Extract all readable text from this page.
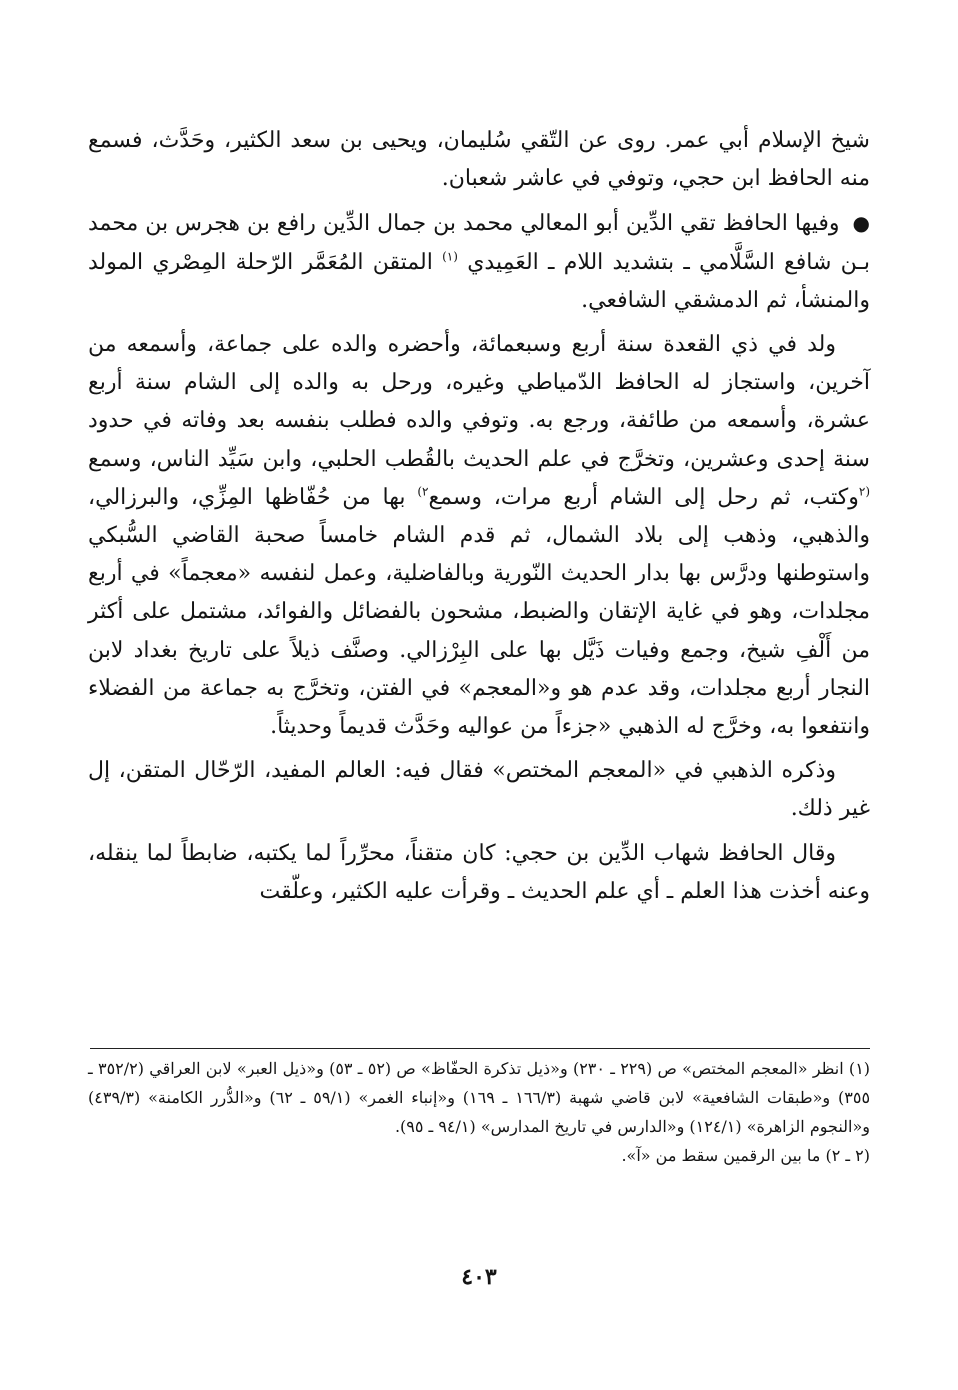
شيخ الإسلام أبي عمر. روى عن التّقي سُليمان، ويحيى بن سعد الكثير، وحَدَّث، فسمع منه الحافظ ابن حجي، وتوفي في عاشر شعبان.

● وفيها الحافظ تقي الدِّين أبو المعالي محمد بن جمال الدِّين رافع بن هجرس بن محمد بـن شافع السَّلَّامي ـ بتشديد اللام ـ العَمِيدي $^{(١)}$ المتقن المُعَمَّر الرّحلة المِصْري المولد والمنشأ، ثم الدمشقي الشافعي.

ولد في ذي القعدة سنة أربع وسبعمائة، وأحضره والده على جماعة، وأسمعه من آخرين، واستجاز له الحافظ الدّمياطي وغيره، ورحل به والده إلى الشام سنة أربع عشرة، وأسمعه من طائفة، ورجع به. وتوفي والده فطلب بنفسه بعد وفاته في حدود سنة إحدى وعشرين، وتخرَّج في علم الحديث بالقُطب الحلبي، وابن سَيِّد الناس، وسمع $^{(٢}$وكتب، ثم رحل إلى الشام أربع مرات، وسمع$^{٢)}$ بها من حُفّاظها المِزِّي، والبرزالي، والذهبي، وذهب إلى بلاد الشمال، ثم قدم الشام خامساً صحبة القاضي السُّبكي واستوطنها ودرَّس بها بدار الحديث النّورية وبالفاضلية، وعمل لنفسه «معجماً» في أربع مجلدات، وهو في غاية الإتقان والضبط، مشحون بالفضائل والفوائد، مشتمل على أكثر من أَلْفِ شيخ، وجمع وفيات ذَيَّل بها على البِرْزالي. وصنَّف ذيلاً على تاريخ بغداد لابن النجار أربع مجلدات، وقد عدم هو و«المعجم» في الفتن، وتخرَّج به جماعة من الفضلاء وانتفعوا به، وخرَّج له الذهبي «جزءاً من عواليه وحَدَّث قديماً وحديثاً.

وذكره الذهبي في «المعجم المختص» فقال فيه: العالم المفيد، الرّحّال المتقن، إل غير ذلك.

وقال الحافظ شهاب الدِّين بن حجي: كان متقناً، محرِّراً لما يكتبه، ضابطاً لما ينقله، وعنه أخذت هذا العلم ـ أي علم الحديث ـ وقرأت عليه الكثير، وعلّقت

(١) انظر «المعجم المختص» ص (٢٢٩ ـ ٢٣٠) و«ذيل تذكرة الحفّاظ» ص (٥٢ ـ ٥٣) و«ذيل العبر» لابن العراقي (٣٥٢/٢ ـ ٣٥٥) و«طبقات الشافعية» لابن قاضي شهبة (١٦٦/٣ ـ ١٦٩) و«إنباء الغمر» (٥٩/١ ـ ٦٢) و«الدُّرر الكامنة» (٤٣٩/٣) و«النجوم الزاهرة» (١٢٤/١) و«الدارس في تاريخ المدارس» (٩٤/١ ـ ٩٥).

(٢ ـ ٢) ما بين الرقمين سقط من «آ».

٤٠٣
